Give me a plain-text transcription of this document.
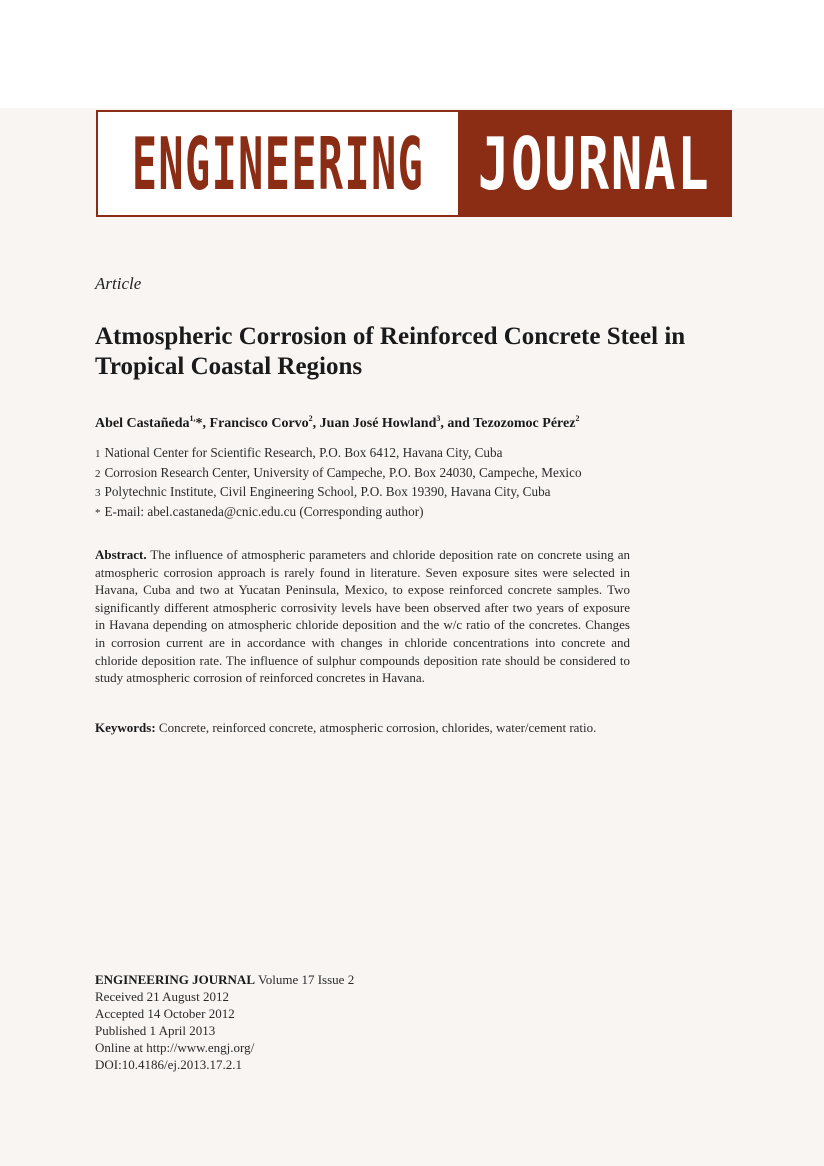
ENGINEERING JOURNAL
Article
Atmospheric Corrosion of Reinforced Concrete Steel in Tropical Coastal Regions
Abel Castañeda$^{1,}$*, Francisco Corvo$^2$, Juan José Howland$^3$, and Tezozomoc Pérez$^2$
1 National Center for Scientific Research, P.O. Box 6412, Havana City, Cuba
2 Corrosion Research Center, University of Campeche, P.O. Box 24030, Campeche, Mexico
3 Polytechnic Institute, Civil Engineering School, P.O. Box 19390, Havana City, Cuba
* E-mail: abel.castaneda@cnic.edu.cu (Corresponding author)
Abstract. The influence of atmospheric parameters and chloride deposition rate on concrete using an atmospheric corrosion approach is rarely found in literature. Seven exposure sites were selected in Havana, Cuba and two at Yucatan Peninsula, Mexico, to expose reinforced concrete samples. Two significantly different atmospheric corrosivity levels have been observed after two years of exposure in Havana depending on atmospheric chloride deposition and the w/c ratio of the concretes. Changes in corrosion current are in accordance with changes in chloride concentrations into concrete and chloride deposition rate. The influence of sulphur compounds deposition rate should be considered to study atmospheric corrosion of reinforced concretes in Havana.
Keywords: Concrete, reinforced concrete, atmospheric corrosion, chlorides, water/cement ratio.
ENGINEERING JOURNAL Volume 17 Issue 2
Received 21 August 2012
Accepted 14 October 2012
Published 1 April 2013
Online at http://www.engj.org/
DOI:10.4186/ej.2013.17.2.1
